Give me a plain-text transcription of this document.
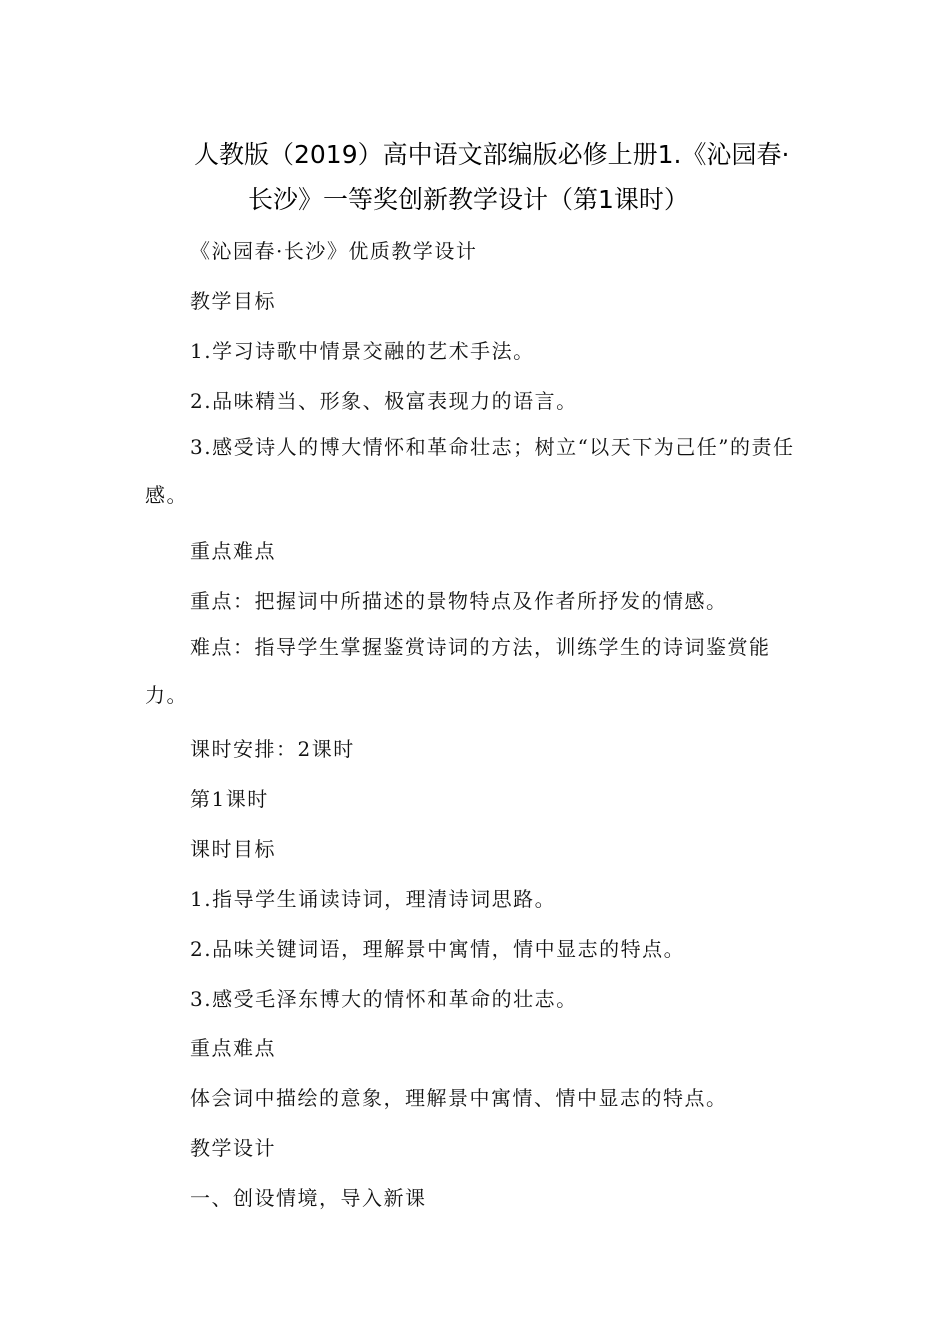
人教版（2019）高中语文部编版必修上册1.《沁园春·
长沙》一等奖创新教学设计（第1课时）
《沁园春·长沙》优质教学设计
教学目标
1.学习诗歌中情景交融的艺术手法。
2.品味精当、形象、极富表现力的语言。
3.感受诗人的博大情怀和革命壮志；树立“以天下为己任”的责任感。
重点难点
重点：把握词中所描述的景物特点及作者所抒发的情感。
难点：指导学生掌握鉴赏诗词的方法，训练学生的诗词鉴赏能力。
课时安排：2课时
第1课时
课时目标
1.指导学生诵读诗词，理清诗词思路。
2.品味关键词语，理解景中寓情，情中显志的特点。
3.感受毛泽东博大的情怀和革命的壮志。
重点难点
体会词中描绘的意象，理解景中寓情、情中显志的特点。
教学设计
一、创设情境，导入新课
